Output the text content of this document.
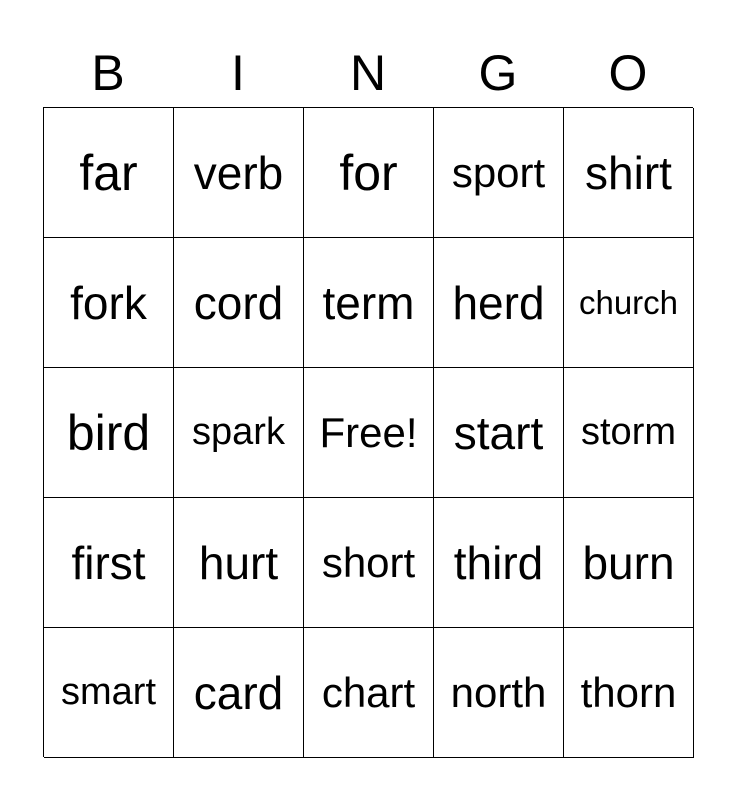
B	I	N	G	O
far verb for sport shirt
fork cord term herd church
bird spark Free! start storm
first hurt short third burn
smart card chart north thorn
